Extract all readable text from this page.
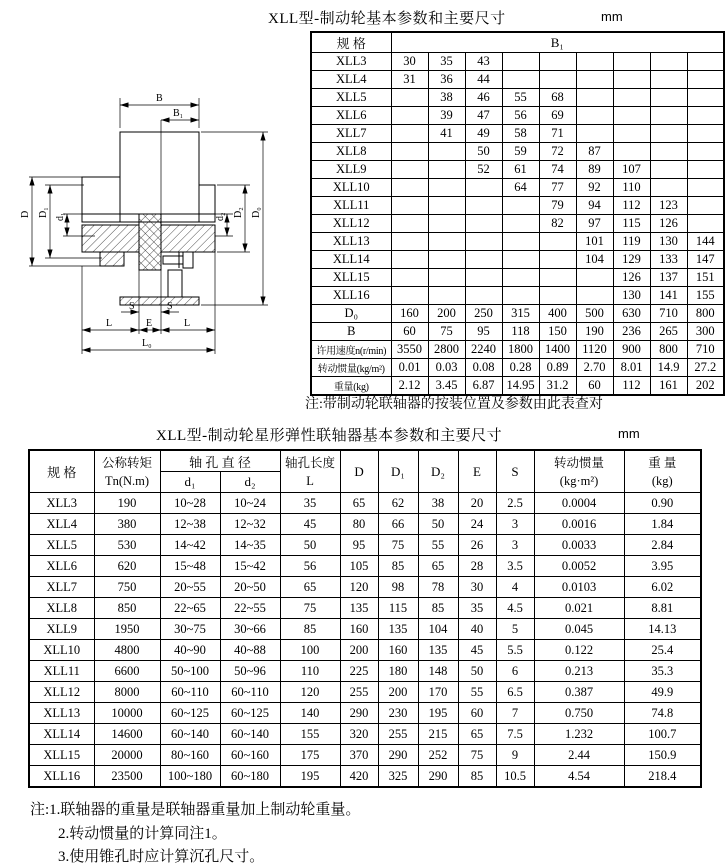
XLL型-制动轮基本参数和主要尺寸	mm
B
B₁
D D₁ d₁	d₂ D₂ D₀
S	S
L	E	L
L₀
规 格	B₁								
XLL3	30	35	43						
XLL4	31	36	44						
XLL5		38	46	55	68				
XLL6		39	47	56	69				
XLL7		41	49	58	71				
XLL8			50	59	72	87			
XLL9			52	61	74	89	107		
XLL10				64	77	92	110		
XLL11					79	94	112	123	
XLL12					82	97	115	126	
XLL13						101	119	130	144
XLL14						104	129	133	147
XLL15							126	137	151
XLL16							130	141	155
D₀	160	200	250	315	400	500	630	710	800
B	60	75	95	118	150	190	236	265	300
许用速度n(r/min)	3550	2800	2240	1800	1400	1120	900	800	710
转动惯量(kg/m²)	0.01	0.03	0.08	0.28	0.89	2.70	8.01	14.9	27.2
重量(kg)	2.12	3.45	6.87	14.95	31.2	60	112	161	202
注:带制动轮联轴器的按装位置及参数由此表查对
XLL型-制动轮星形弹性联轴器基本参数和主要尺寸	mm
规 格	
公称转矩
Tn(N.m)
	轴 孔 直 径	轴孔长度
L
	D	D₁	D₂	E	S	
转动惯量
(kg·m²)

重 量
(kg)

		d₁	d₂								
XLL3	190	10~28	10~24	35	65	62	38	20	2.5	0.0004	0.90
XLL4	380	12~38	12~32	45	80	66	50	24	3	0.0016	1.84
XLL5	530	14~42	14~35	50	95	75	55	26	3	0.0033	2.84
XLL6	620	15~48	15~42	56	105	85	65	28	3.5	0.0052	3.95
XLL7	750	20~55	20~50	65	120	98	78	30	4	0.0103	6.02
XLL8	850	22~65	22~55	75	135	115	85	35	4.5	0.021	8.81
XLL9	1950	30~75	30~66	85	160	135	104	40	5	0.045	14.13
XLL10	4800	40~90	40~88	100	200	160	135	45	5.5	0.122	25.4
XLL11	6600	50~100	50~96	110	225	180	148	50	6	0.213	35.3
XLL12	8000	60~110	60~110	120	255	200	170	55	6.5	0.387	49.9
XLL13	10000	60~125	60~125	140	290	230	195	60	7	0.750	74.8
XLL14	14600	60~140	60~140	155	320	255	215	65	7.5	1.232	100.7
XLL15	20000	80~160	60~160	175	370	290	252	75	9	2.44	150.9
XLL16	23500	100~180	60~180	195	420	325	290	85	10.5	4.54	218.4
注:1.联轴器的重量是联轴器重量加上制动轮重量。
2.转动惯量的计算同注1。
3.使用锥孔时应计算沉孔尺寸。
